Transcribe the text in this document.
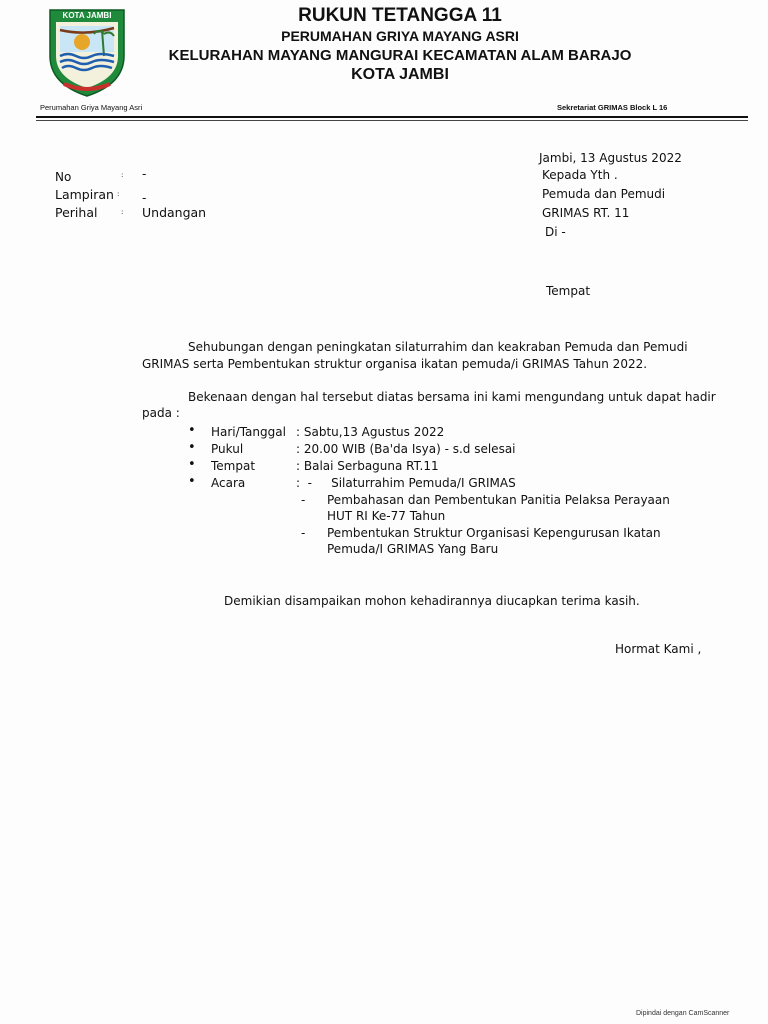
KOTA JAMBI	RUKUN TETANGGA 11
PERUMAHAN GRIYA MAYANG ASRI
KELURAHAN MAYANG MANGURAI KECAMATAN ALAM BARAJO
KOTA JAMBI
Perumahan Griya Mayang Asri	Sekretariat GRIMAS Block L 16
Jambi, 13 Agustus 2022
No	: -
Lampiran : -
Perihal	: Undangan
Kepada Yth .
Pemuda dan Pemudi
GRIMAS RT. 11
Di -
Tempat
Sehubungan dengan peningkatan silaturrahim dan keakraban Pemuda dan Pemudi
GRIMAS serta Pembentukan struktur organisa ikatan pemuda/i GRIMAS Tahun 2022.
Bekenaan dengan hal tersebut diatas bersama ini kami mengundang untuk dapat hadir
pada :
• Hari/Tanggal : Sabtu,13 Agustus 2022
• Pukul	: 20.00 WIB (Ba'da Isya) - s.d selesai
• Tempat	: Balai Serbaguna RT.11
• Acara	:  -     Silaturrahim Pemuda/I GRIMAS
- Pembahasan dan Pembentukan Panitia Pelaksa Perayaan
HUT RI Ke-77 Tahun
- Pembentukan Struktur Organisasi Kepengurusan Ikatan
Pemuda/I GRIMAS Yang Baru
Demikian disampaikan mohon kehadirannya diucapkan terima kasih.
Hormat Kami ,
Dipindai dengan CamScanner
